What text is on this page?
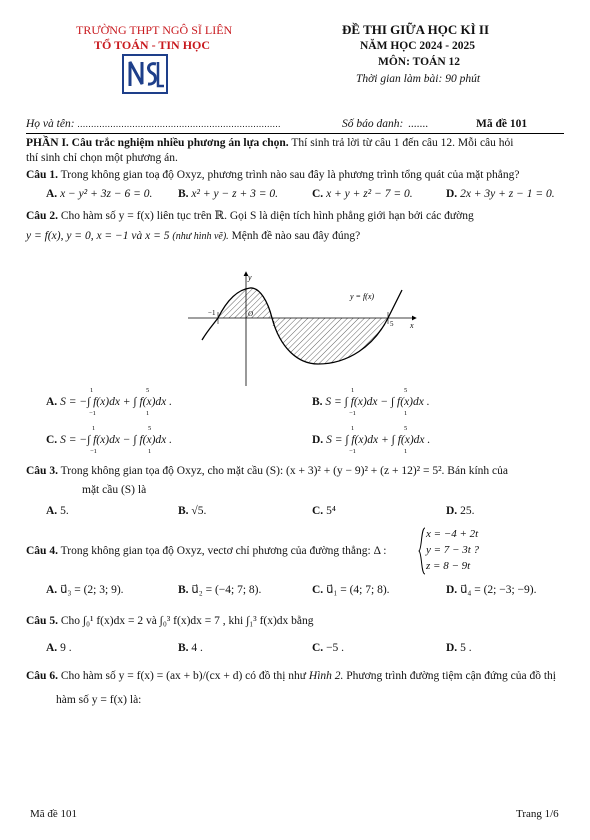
TRƯỜNG THPT NGÔ SĨ LIÊN
TỔ TOÁN - TIN HỌC
ĐỀ THI GIỮA HỌC KÌ II
NĂM HỌC 2024 - 2025
MÔN: TOÁN 12
Thời gian làm bài: 90 phút
Họ và tên: ..........................................................................	Số báo danh: .......	Mã đề 101
PHẦN I. Câu trắc nghiệm nhiều phương án lựa chọn. Thí sinh trả lời từ câu 1 đến câu 12. Mỗi câu hỏi
thí sinh chỉ chọn một phương án.
Câu 1. Trong không gian toạ độ Oxyz, phương trình nào sau đây là phương trình tổng quát của mặt phẳng?
A. x − y² + 3z − 6 = 0. B. x² + y − z + 3 = 0.	C. x + y + z² − 7 = 0.	D. 2x + 3y + z − 1 = 0.
Câu 2. Cho hàm số y = f(x) liên tục trên ℝ. Gọi S là diện tích hình phẳng giới hạn bởi các đường
y = f(x), y = 0, x = −1 và x = 5 (như hình vẽ). Mệnh đề nào sau đây đúng?
y
x
O
−1
1	5
y = f(x)
A. S = −∫ f(x)dx + ∫ f(x)dx .	B. S = ∫ f(x)dx − ∫ f(x)dx .
C. S = −∫ f(x)dx − ∫ f(x)dx .	D. S = ∫ f(x)dx + ∫ f(x)dx .
1
−1
5
1
1
−1
5
1
1
−1
5
1
1
−1
5
1
Câu 3. Trong không gian tọa độ Oxyz, cho mặt cầu (S): (x + 3)² + (y − 9)² + (z + 12)² = 5². Bán kính của
mặt cầu (S) là
A. 5.	B. √5.	C. 5⁴	D. 25.
Câu 4. Trong không gian tọa độ Oxyz, vectơ chỉ phương của đường thẳng: Δ :
x = −4 + 2t
y = 7 − 3t ?
z = 8 − 9t
A. u⃗₃ = (2; 3; 9).	B. u⃗₂ = (−4; 7; 8).	C. u⃗₁ = (4; 7; 8).	D. u⃗₄ = (2; −3; −9).
Câu 5. Cho ∫₀¹ f(x)dx = 2 và ∫₀³ f(x)dx = 7 , khi ∫₁³ f(x)dx bằng
A. 9 .	B. 4 .	C. −5 .	D. 5 .
Câu 6. Cho hàm số y = f(x) = (ax + b)/(cx + d) có đồ thị như Hình 2. Phương trình đường tiệm cận đứng của đồ thị
hàm số y = f(x) là:
Mã đề 101	Trang 1/6
